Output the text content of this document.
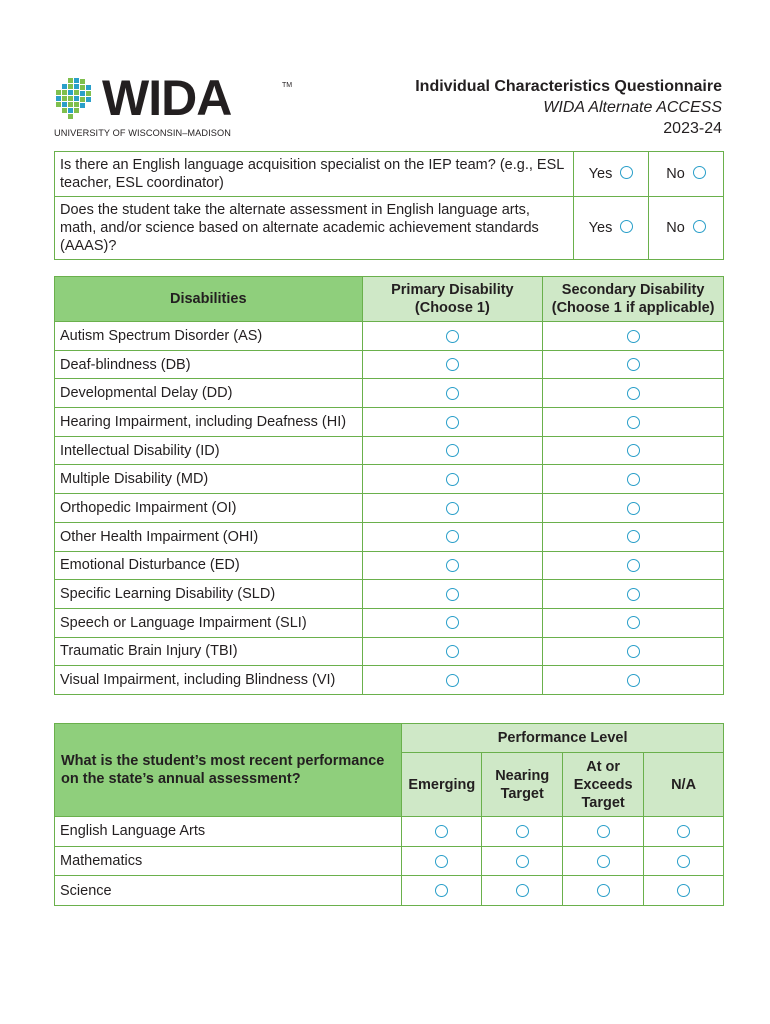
WIDA	TM
UNIVERSITY OF WISCONSIN–MADISON
Individual Characteristics Questionnaire
WIDA Alternate ACCESS
2023-24
Is there an English language acquisition specialist on the IEP team? (e.g., ESL teacher, ESL coordinator)	Yes	No
Does the student take the alternate assessment in English language arts, math, and/or science based on alternate academic achievement standards (AAAS)?	Yes	No
Disabilities	Primary Disability (Choose 1)	Secondary Disability (Choose 1 if applicable)
Autism Spectrum Disorder (AS)		
Deaf-blindness (DB)		
Developmental Delay (DD)		
Hearing Impairment, including Deafness (HI)		
Intellectual Disability (ID)		
Multiple Disability (MD)		
Orthopedic Impairment (OI)		
Other Health Impairment (OHI)		
Emotional Disturbance (ED)		
Specific Learning Disability (SLD)		
Speech or Language Impairment (SLI)		
Traumatic Brain Injury (TBI)		
Visual Impairment, including Blindness (VI)		
What is the student’s most recent performance on the state’s annual assessment?	Performance Level			
	Emerging	Nearing Target	At or Exceeds Target	N/A
English Language Arts				
Mathematics				
Science				
